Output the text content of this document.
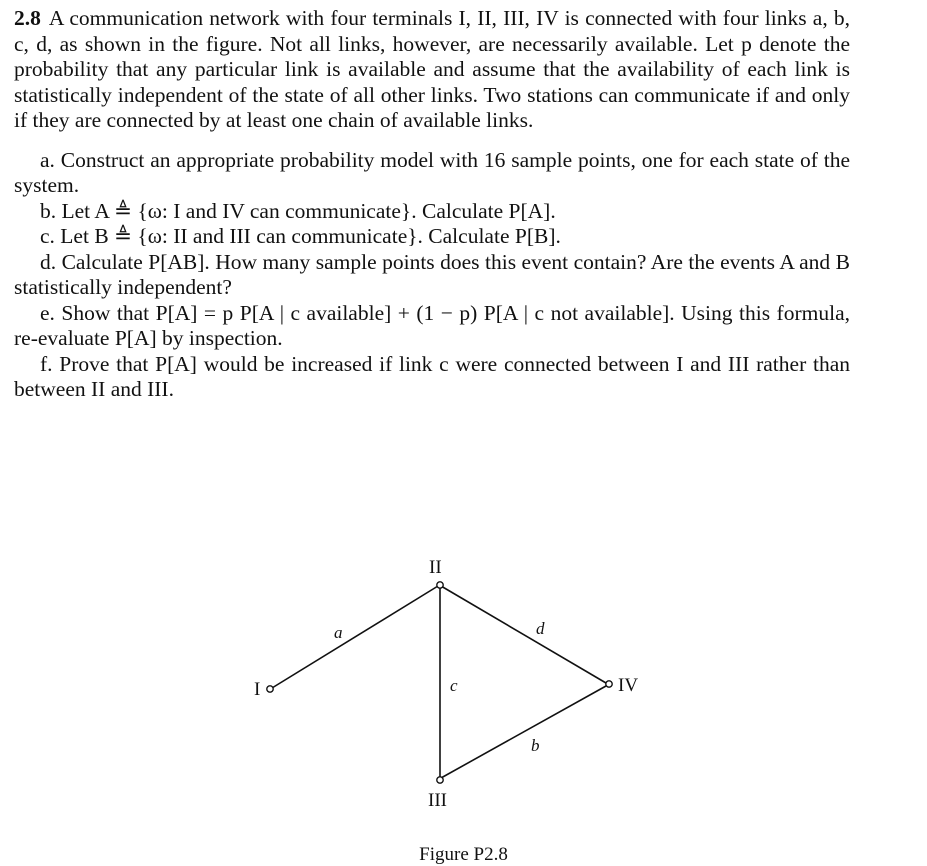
2.8 A communication network with four terminals I, II, III, IV is connected with four links a, b, c, d, as shown in the figure. Not all links, however, are necessarily available. Let p denote the probability that any particular link is available and assume that the availability of each link is statistically independent of the state of all other links. Two stations can communicate if and only if they are connected by at least one chain of available links.

a. Construct an appropriate probability model with 16 sample points, one for each state of the system.

b. Let A ≜ {ω: I and IV can communicate}. Calculate P[A].

c. Let B ≜ {ω: II and III can communicate}. Calculate P[B].

d. Calculate P[AB]. How many sample points does this event contain? Are the events A and B statistically independent?

e. Show that P[A] = p P[A | c available] + (1 − p) P[A | c not available]. Using this formula, re-evaluate P[A] by inspection.

f. Prove that P[A] would be increased if link c were connected between I and III rather than between II and III.

I
II
III
IV
a
b
c
d
Figure P2.8
